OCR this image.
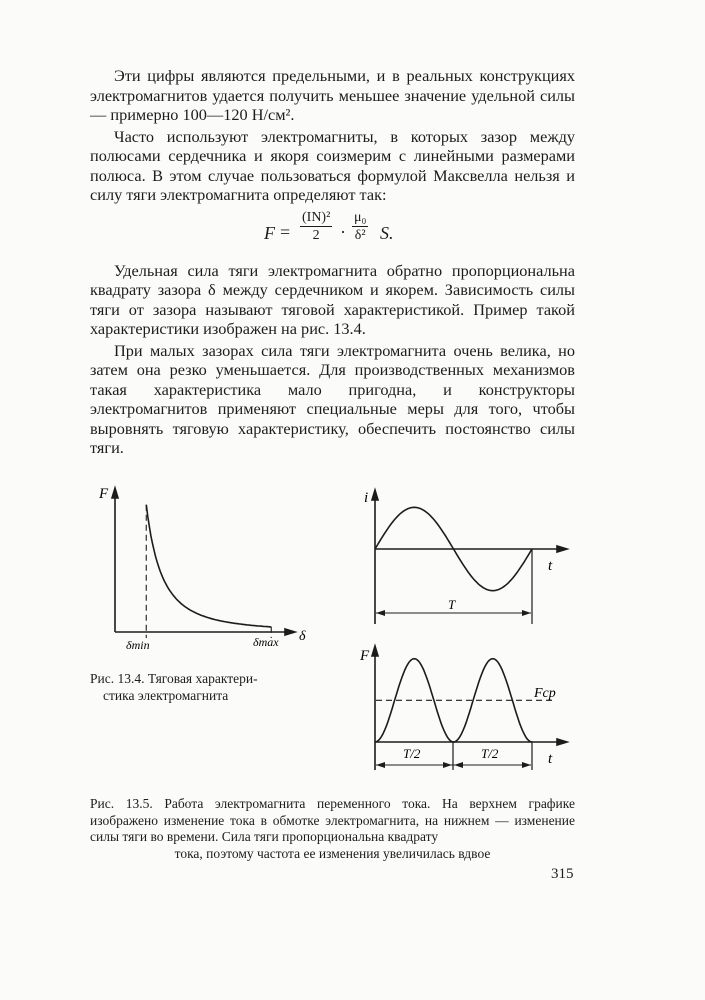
Эти цифры являются предельными, и в реальных конструкциях электромагнитов удается получить меньшее значение удельной силы — примерно 100—120 Н/см².

Часто используют электромагниты, в которых зазор между полюсами сердечника и якоря соизмерим с линейными размерами полюса. В этом случае пользоваться формулой Максвелла нельзя и силу тяги электромагнита определяют так:

$F = \frac{\text{(IN)²}}{2} \cdot \frac{\text{μ₀}}{\text{δ²}} S$.

Удельная сила тяги электромагнита обратно пропорциональна квадрату зазора δ между сердечником и якорем. Зависимость силы тяги от зазора называют тяговой характеристикой. Пример такой характеристики изображен на рис. 13.4.

При малых зазорах сила тяги электромагнита очень велика, но затем она резко уменьшается. Для производственных механизмов такая характеристика мало пригодна, и конструкторы электромагнитов применяют специальные меры для того, чтобы выровнять тяговую характеристику, обеспечить постоянство силы тяги.

F
δ
δmin	δmax
Рис. 13.4. Тяговая характери-
стика электромагнита
i
t
T
F
t
Fср
T/2	T/2
Рис. 13.5. Работа электромагнита переменного тока. На верхнем графике изображено изменение тока в обмотке электромагнита, на нижнем — изменение силы тяги во времени. Сила тяги пропорциональна квадрату
тока, поэтому частота ее изменения увеличилась вдвое
315
